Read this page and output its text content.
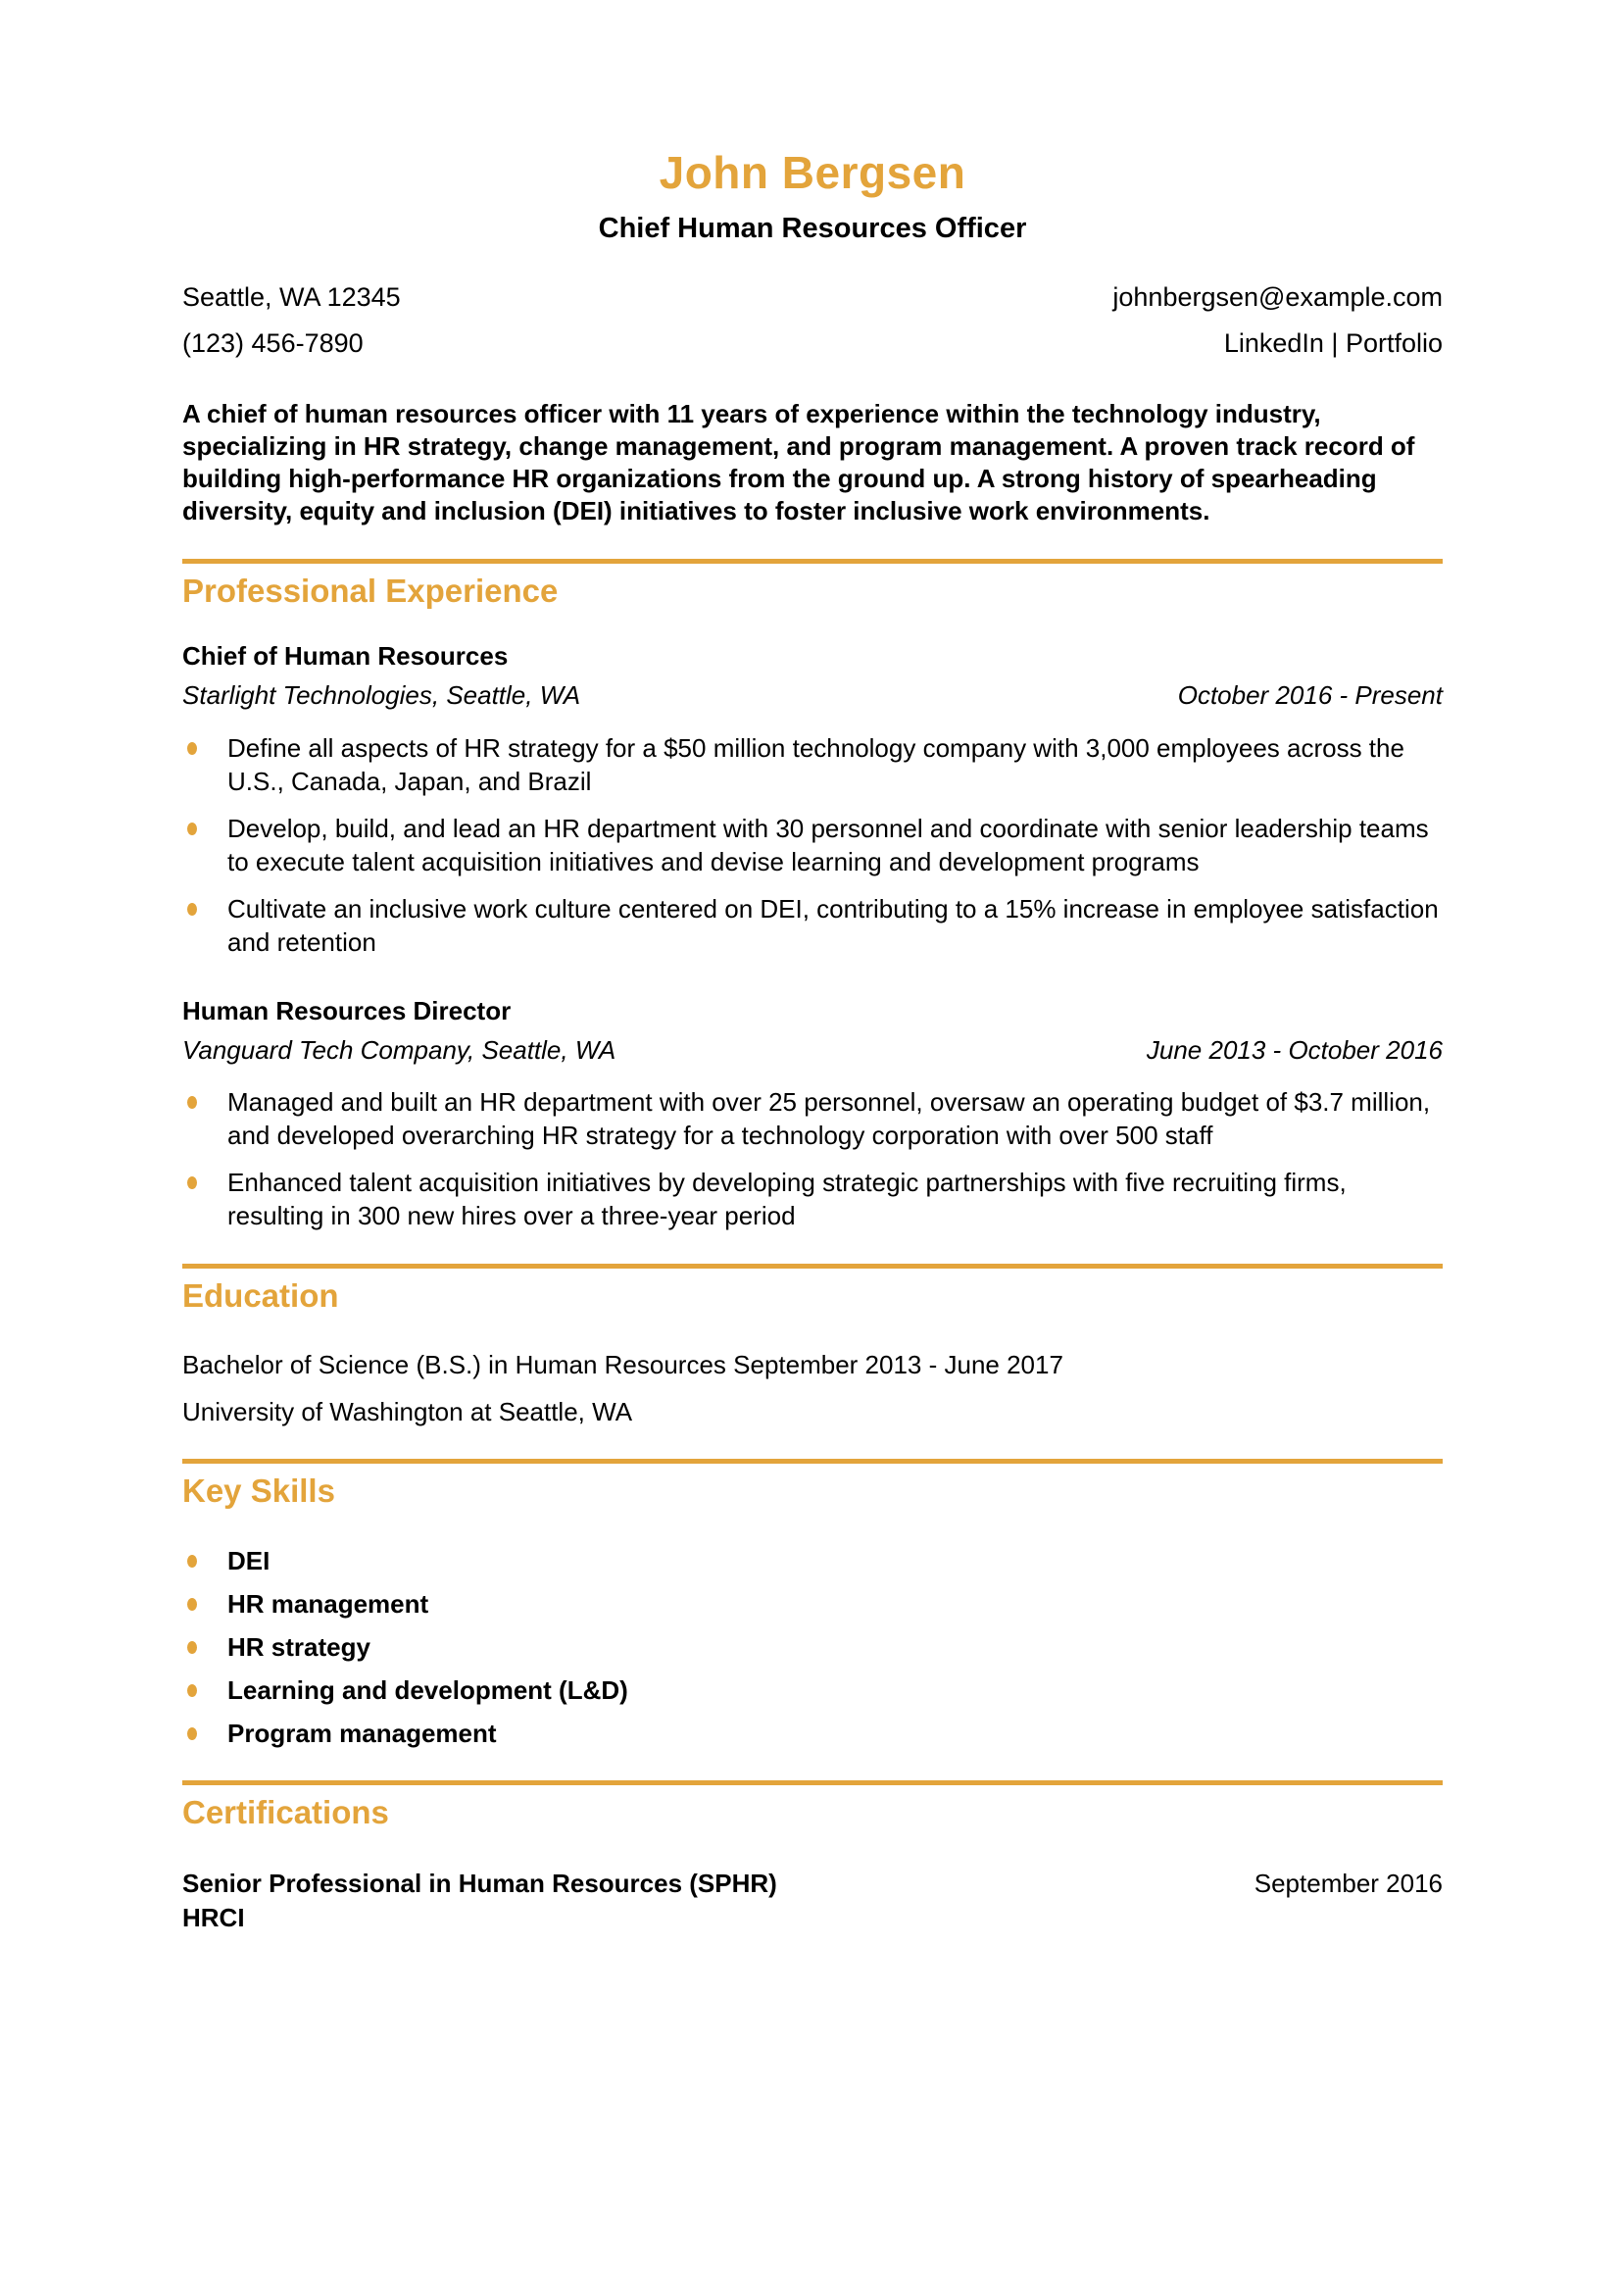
John Bergsen
Chief Human Resources Officer
Seattle, WA 12345
(123) 456-7890
johnbergsen@example.com
LinkedIn | Portfolio

A chief of human resources officer with 11 years of experience within the technology industry, specializing in HR strategy, change management, and program management. A proven track record of building high-performance HR organizations from the ground up. A strong history of spearheading diversity, equity and inclusion (DEI) initiatives to foster inclusive work environments.

Professional Experience
Chief of Human Resources
Starlight Technologies, Seattle, WA	October 2016 - Present
Define all aspects of HR strategy for a $50 million technology company with 3,000 employees across the U.S., Canada, Japan, and Brazil
Develop, build, and lead an HR department with 30 personnel and coordinate with senior leadership teams to execute talent acquisition initiatives and devise learning and development programs
Cultivate an inclusive work culture centered on DEI, contributing to a 15% increase in employee satisfaction and retention
Human Resources Director
Vanguard Tech Company, Seattle, WA	June 2013 - October 2016
Managed and built an HR department with over 25 personnel, oversaw an operating budget of $3.7 million, and developed overarching HR strategy for a technology corporation with over 500 staff
Enhanced talent acquisition initiatives by developing strategic partnerships with five recruiting firms, resulting in 300 new hires over a three-year period
Education
Bachelor of Science (B.S.) in Human Resources September 2013 - June 2017
University of Washington at Seattle, WA
Key Skills
DEI
HR management
HR strategy
Learning and development (L&D)
Program management
Certifications
Senior Professional in Human Resources (SPHR)
HRCI
September 2016
